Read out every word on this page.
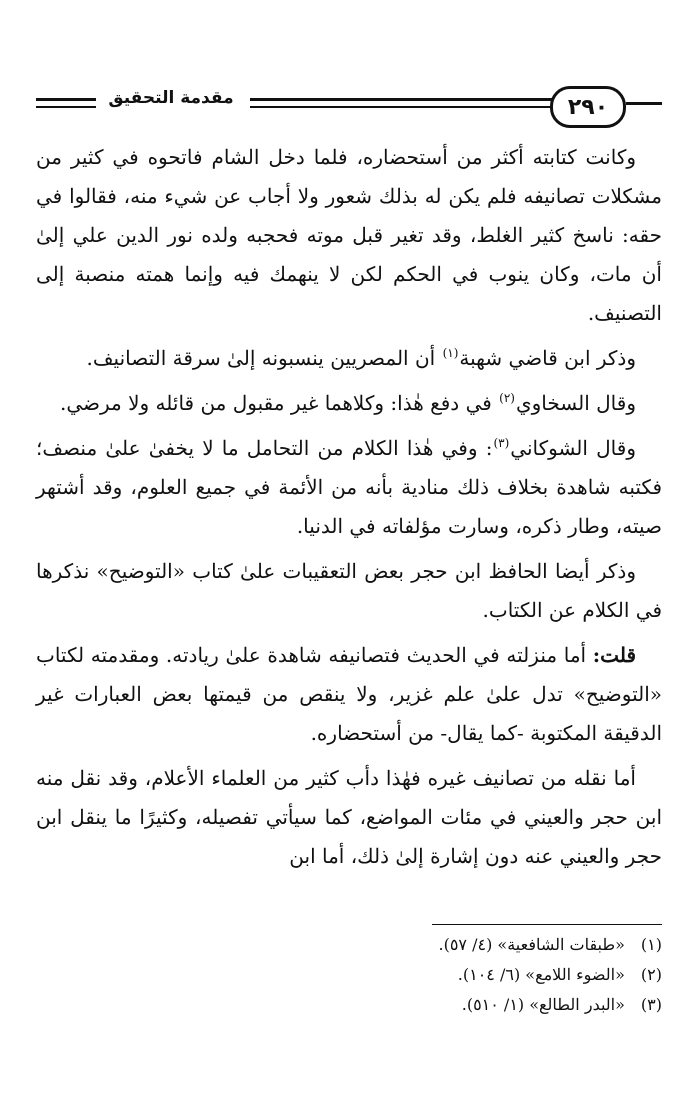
مقدمة التحقيق	٢٩٠

وكانت كتابته أكثر من أستحضاره، فلما دخل الشام فاتحوه في كثير من مشكلات تصانيفه فلم يكن له بذلك شعور ولا أجاب عن شيء منه، فقالوا في حقه: ناسخ كثير الغلط، وقد تغير قبل موته فحجبه ولده نور الدين علي إلىٰ أن مات، وكان ينوب في الحكم لكن لا ينهمك فيه وإنما همته منصبة إلى التصنيف.

وذكر ابن قاضي شهبة$^{(١)}$ أن المصريين ينسبونه إلىٰ سرقة التصانيف.

وقال السخاوي$^{(٢)}$ في دفع هٰذا: وكلاهما غير مقبول من قائله ولا مرضي.

وقال الشوكاني$^{(٣)}$: وفي هٰذا الكلام من التحامل ما لا يخفىٰ علىٰ منصف؛ فكتبه شاهدة بخلاف ذلك منادية بأنه من الأئمة في جميع العلوم، وقد أشتهر صيته، وطار ذكره، وسارت مؤلفاته في الدنيا.

وذكر أيضا الحافظ ابن حجر بعض التعقيبات علىٰ كتاب «التوضيح» نذكرها في الكلام عن الكتاب.

قلت: أما منزلته في الحديث فتصانيفه شاهدة علىٰ ريادته. ومقدمته لكتاب «التوضيح» تدل علىٰ علم غزير، ولا ينقص من قيمتها بعض العبارات غير الدقيقة المكتوبة -كما يقال- من أستحضاره.

أما نقله من تصانيف غيره فهٰذا دأب كثير من العلماء الأعلام، وقد نقل منه ابن حجر والعيني في مئات المواضع، كما سيأتي تفصيله، وكثيرًا ما ينقل ابن حجر والعيني عنه دون إشارة إلىٰ ذلك، أما ابن

(١) «طبقات الشافعية» (٤/ ٥٧).
(٢) «الضوء اللامع» (٦/ ١٠٤).
(٣) «البدر الطالع» (١/ ٥١٠).
